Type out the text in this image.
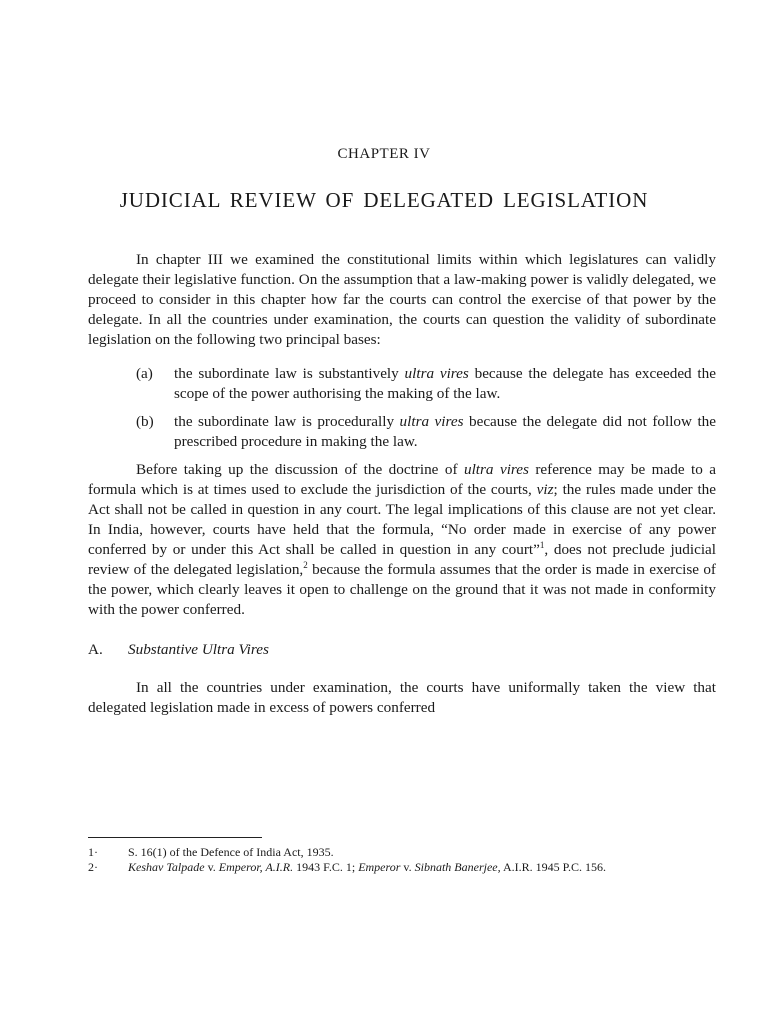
CHAPTER IV
JUDICIAL REVIEW OF DELEGATED LEGISLATION

In chapter III we examined the constitutional limits within which legislatures can validly delegate their legislative function. On the assumption that a law-making power is validly delegated, we proceed to consider in this chapter how far the courts can control the exercise of that power by the delegate. In all the countries under examination, the courts can question the validity of subordinate legislation on the following two principal bases:

(a) the subordinate law is substantively ultra vires because the delegate has exceeded the scope of the power authorising the making of the law.
(b) the subordinate law is procedurally ultra vires because the delegate did not follow the prescribed procedure in making the law.

Before taking up the discussion of the doctrine of ultra vires reference may be made to a formula which is at times used to exclude the jurisdiction of the courts, viz; the rules made under the Act shall not be called in question in any court. The legal implications of this clause are not yet clear. In India, however, courts have held that the formula, “No order made in exercise of any power conferred by or under this Act shall be called in question in any court”$^1$, does not preclude judicial review of the delegated legislation,$^2$ because the formula assumes that the order is made in exercise of the power, which clearly leaves it open to challenge on the ground that it was not made in conformity with the power conferred.

A. Substantive Ultra Vires

In all the countries under examination, the courts have uniformally taken the view that delegated legislation made in excess of powers conferred

1·	S. 16(1) of the Defence of India Act, 1935.
2·	Keshav Talpade v. Emperor, A.I.R. 1943 F.C. 1; Emperor v. Sibnath Banerjee, A.I.R. 1945 P.C. 156.
